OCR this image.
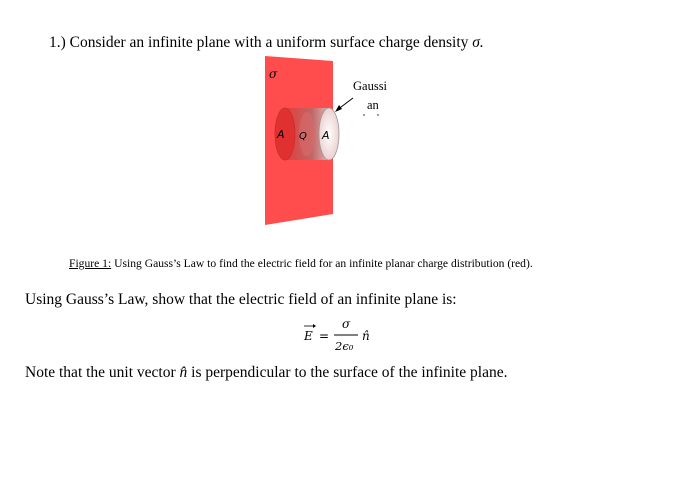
1.) Consider an infinite plane with a uniform surface charge density σ.
σ
A Q A
Gaussi
an
Figure 1: Using Gauss’s Law to find the electric field for an infinite planar charge distribution (red).
Using Gauss’s Law, show that the electric field of an infinite plane is:
E =
σ
2ϵ₀
n̂
Note that the unit vector n̂ is perpendicular to the surface of the infinite plane.
